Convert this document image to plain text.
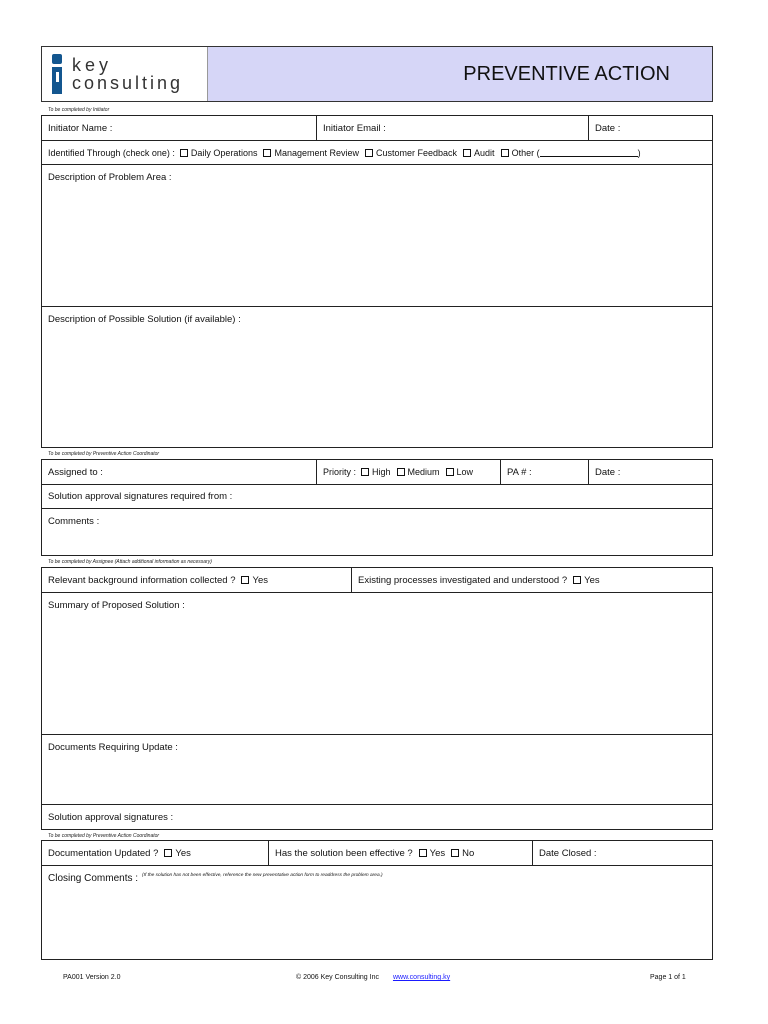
key
consulting	PREVENTIVE ACTION
To be completed by Initiator
Initiator Name :	Initiator Email :	Date :
Identified Through (check one) : Daily Operations Management Review Customer Feedback Audit Other (	)
Description of Problem Area :
Description of Possible Solution (if available) :
To be completed by Preventive Action Coordinator
Assigned to :	Priority : High Medium Low	PA # :	Date :
Solution approval signatures required from :
Comments :
To be completed by Assignee (Attach additional information as necessary)
Relevant background information collected ? Yes	Existing processes investigated and understood ? Yes
Summary of Proposed Solution :
Documents Requiring Update :
Solution approval signatures :
To be completed by Preventive Action Coordinator
Documentation Updated ? Yes	Has the solution been effective ? Yes No	Date Closed :
Closing Comments : (If the solution has not been effective, reference the new preventative action form to readdress the problem area.)
PA001 Version 2.0	© 2006 Key Consulting Inc www.consulting.ky	Page 1 of 1
